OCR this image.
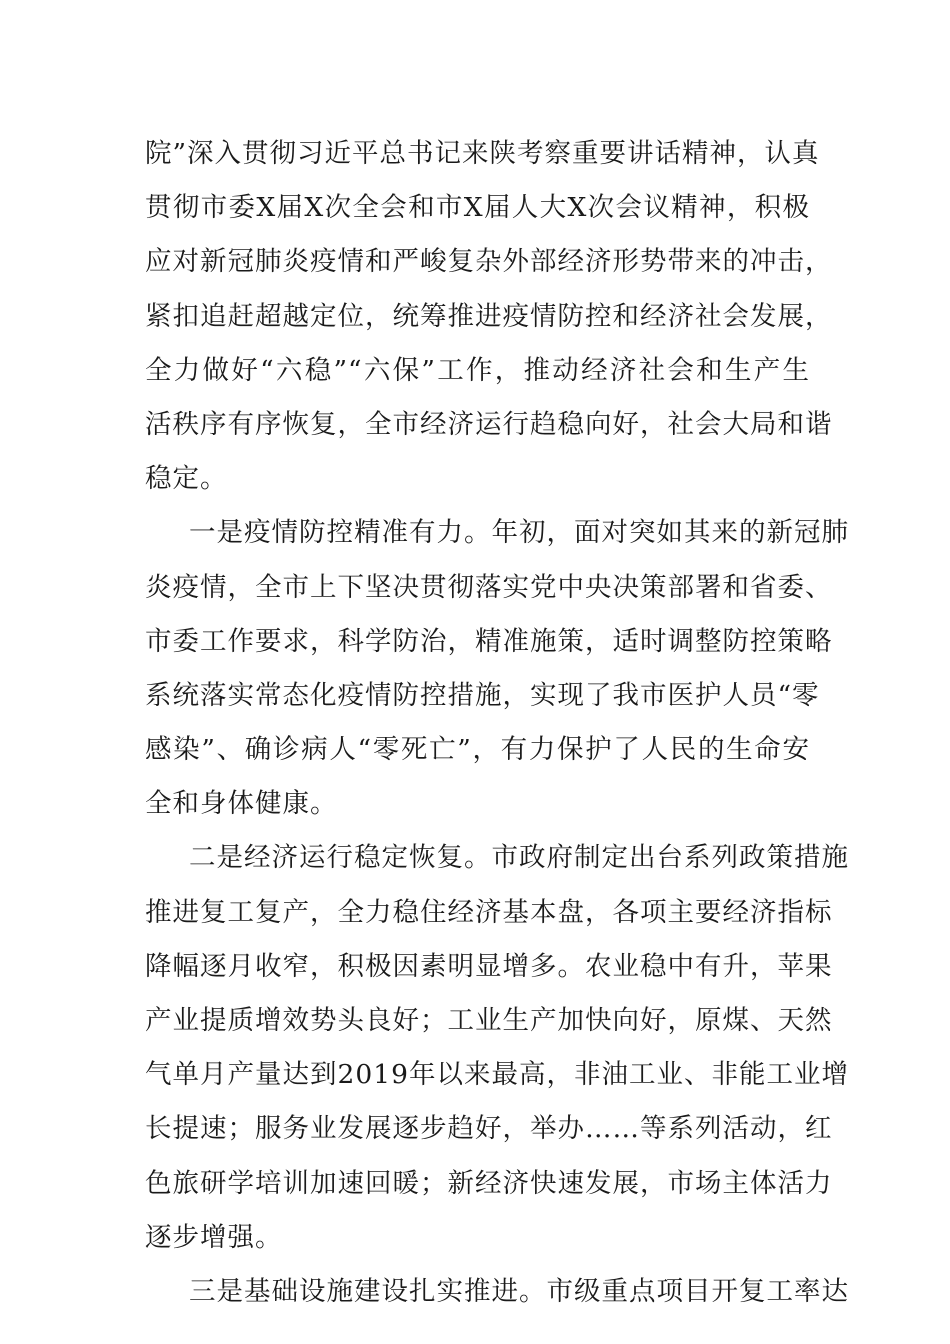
院”深入贯彻习近平总书记来陕考察重要讲话精神，认真
贯彻市委X届X次全会和市X届人大X次会议精神，积极
应对新冠肺炎疫情和严峻复杂外部经济形势带来的冲击，
紧扣追赶超越定位，统筹推进疫情防控和经济社会发展，
全力做好“六稳”“六保”工作，推动经济社会和生产生
活秩序有序恢复，全市经济运行趋稳向好，社会大局和谐
稳定。
一是疫情防控精准有力。年初，面对突如其来的新冠肺
炎疫情，全市上下坚决贯彻落实党中央决策部署和省委、
市委工作要求，科学防治，精准施策，适时调整防控策略
系统落实常态化疫情防控措施，实现了我市医护人员“零
感染”、确诊病人“零死亡”，有力保护了人民的生命安
全和身体健康。
二是经济运行稳定恢复。市政府制定出台系列政策措施
推进复工复产，全力稳住经济基本盘，各项主要经济指标
降幅逐月收窄，积极因素明显增多。农业稳中有升，苹果
产业提质增效势头良好；工业生产加快向好，原煤、天然
气单月产量达到2019年以来最高，非油工业、非能工业增
长提速；服务业发展逐步趋好，举办……等系列活动，红
色旅研学培训加速回暖；新经济快速发展，市场主体活力
逐步增强。
三是基础设施建设扎实推进。市级重点项目开复工率达
